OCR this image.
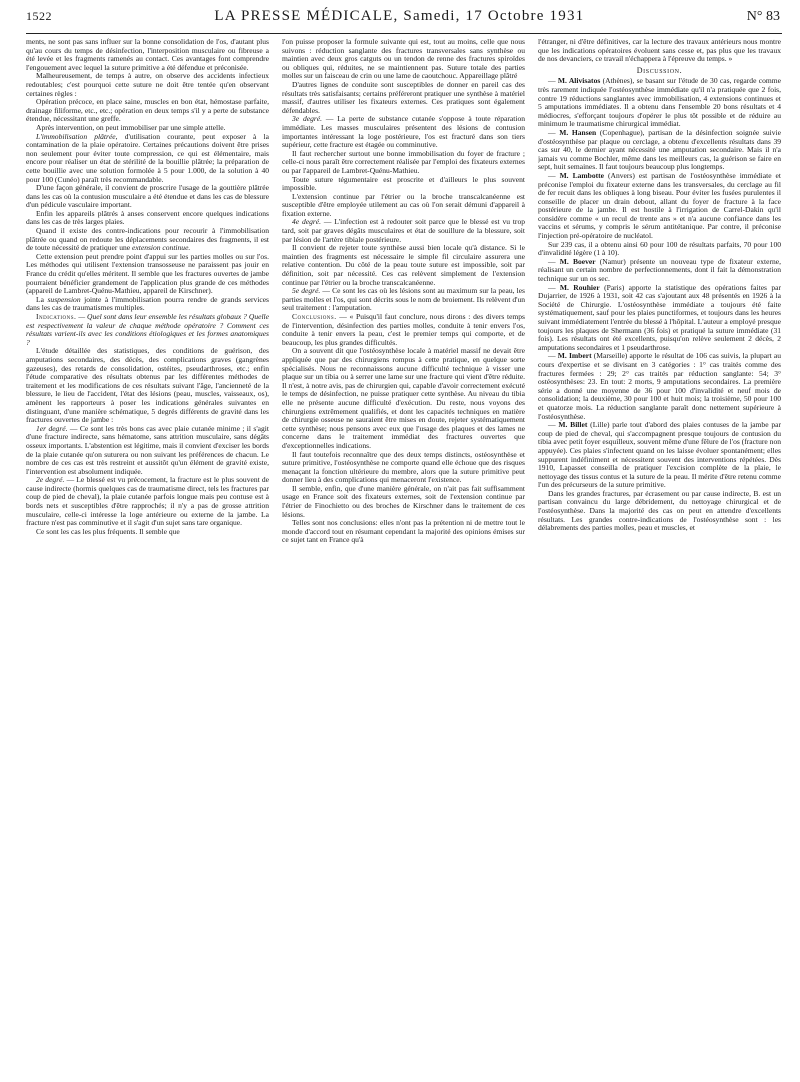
1522	LA PRESSE MÉDICALE, Samedi, 17 Octobre 1931	N° 83

ments, ne sont pas sans influer sur la bonne consolidation de l'os, d'autant plus qu'au cours du temps de désinfection, l'interposition musculaire ou fibreuse a été levée et les fragments ramenés au contact. Ces avantages font comprendre l'engouement avec lequel la suture primitive a été défendue et préconisée.

Malheureusement, de temps à autre, on observe des accidents infectieux redoutables; c'est pourquoi cette suture ne doit être tentée qu'en observant certaines règles :

Opération précoce, en place saine, muscles en bon état, hémostase parfaite, drainage filiforme, etc., etc.; opération en deux temps s'il y a perte de substance étendue, nécessitant une greffe.

Après intervention, on peut immobiliser par une simple attelle.

L'immobilisation plâtrée, d'utilisation courante, peut exposer à la contamination de la plaie opératoire. Certaines précautions doivent être prises non seulement pour éviter toute compression, ce qui est élémentaire, mais encore pour réaliser un état de stérilité de la bouillie plâtrée; la préparation de cette bouillie avec une solution formolée à 5 pour 1.000, de la solution à 40 pour 100 (Cunéo) paraît très recommandable.

D'une façon générale, il convient de proscrire l'usage de la gouttière plâtrée dans les cas où la contusion musculaire a été étendue et dans les cas de blessure d'un pédicule vasculaire important.

Enfin les appareils plâtrés à anses conservent encore quelques indications dans les cas de très larges plaies.

Quand il existe des contre-indications pour recourir à l'immobilisation plâtrée ou quand on redoute les déplacements secondaires des fragments, il est de toute nécessité de pratiquer une extension continue.

Cette extension peut prendre point d'appui sur les parties molles ou sur l'os. Les méthodes qui utilisent l'extension transosseuse ne paraissent pas jouir en France du crédit qu'elles méritent. Il semble que les fractures ouvertes de jambe pourraient bénéficier grandement de l'application plus grande de ces méthodes (appareil de Lambret-Quénu-Mathieu, appareil de Kirschner).

La suspension jointe à l'immobilisation pourra rendre de grands services dans les cas de traumatismes multiples.

Indications. — Quel sont dans leur ensemble les résultats globaux ? Quelle est respectivement la valeur de chaque méthode opératoire ? Comment ces résultats varient-ils avec les conditions étiologiques et les formes anatomiques ?

L'étude détaillée des statistiques, des conditions de guérison, des amputations secondaires, des décès, des complications graves (gangrènes gazeuses), des retards de consolidation, ostéites, pseudarthroses, etc.; enfin l'étude comparative des résultats obtenus par les différentes méthodes de traitement et les modifications de ces résultats suivant l'âge, l'ancienneté de la blessure, le lieu de l'accident, l'état des lésions (peau, muscles, vaisseaux, os), amènent les rapporteurs à poser les indications générales suivantes en distinguant, d'une manière schématique, 5 degrés différents de gravité dans les fractures ouvertes de jambe :

1er degré. — Ce sont les très bons cas avec plaie cutanée minime ; il s'agit d'une fracture indirecte, sans hématome, sans attrition musculaire, sans dégâts osseux importants. L'abstention est légitime, mais il convient d'exciser les bords de la plaie cutanée qu'on suturera ou non suivant les préférences de chacun. Le nombre de ces cas est très restreint et aussitôt qu'un élément de gravité existe, l'intervention est absolument indiquée.

2e degré. — Le blessé est vu précocement, la fracture est le plus souvent de cause indirecte (hormis quelques cas de traumatisme direct, tels les fractures par coup de pied de cheval), la plaie cutanée parfois longue mais peu contuse est à bords nets et susceptibles d'être rapprochés; il n'y a pas de grosse attrition musculaire, celle-ci intéresse la loge antérieure ou externe de la jambe. La fracture n'est pas comminutive et il s'agit d'un sujet sans tare organique.

Ce sont les cas les plus fréquents. Il semble que

l'on puisse proposer la formule suivante qui est, tout au moins, celle que nous suivons : réduction sanglante des fractures transversales sans synthèse ou maintien avec deux gros catguts ou un tendon de renne des fractures spiroïdes ou obliques qui, réduites, ne se maintiennent pas. Suture totale des parties molles sur un faisceau de crin ou une lame de caoutchouc. Appareillage plâtré

D'autres lignes de conduite sont susceptibles de donner en pareil cas des résultats très satisfaisants; certains préféreront pratiquer une synthèse à matériel massif, d'autres utiliser les fixateurs externes. Ces pratiques sont également défendables.

3e degré. — La perte de substance cutanée s'oppose à toute réparation immédiate. Les masses musculaires présentent des lésions de contusion importantes intéressant la loge postérieure, l'os est fracturé dans son tiers supérieur, cette fracture est étagée ou comminutive.

Il faut rechercher surtout une bonne immobilisation du foyer de fracture ; celle-ci nous paraît être correctement réalisée par l'emploi des fixateurs externes ou par l'appareil de Lambret-Quénu-Mathieu.

Toute suture tégumentaire est proscrite et d'ailleurs le plus souvent impossible.

L'extension continue par l'étrier ou la broche transcalcanéenne est susceptible d'être employée utilement au cas où l'on serait démuni d'appareil à fixation externe.

4e degré. — L'infection est à redouter soit parce que le blessé est vu trop tard, soit par graves dégâts musculaires et état de souillure de la blessure, soit par lésion de l'artère tibiale postérieure.

Il convient de rejeter toute synthèse aussi bien locale qu'à distance. Si le maintien des fragments est nécessaire le simple fil circulaire assurera une relative contention. Du côté de la peau toute suture est impossible, soit par définition, soit par nécessité. Ces cas relèvent simplement de l'extension continue par l'étrier ou la broche transcalcanéenne.

5e degré. — Ce sont les cas où les lésions sont au maximum sur la peau, les parties molles et l'os, qui sont décrits sous le nom de broiement. Ils relèvent d'un seul traitement : l'amputation.

Conclusions. — « Puisqu'il faut conclure, nous dirons : des divers temps de l'intervention, désinfection des parties molles, conduite à tenir envers l'os, conduite à tenir envers la peau, c'est le premier temps qui comporte, et de beaucoup, les plus grandes difficultés.

On a souvent dit que l'ostéosynthèse locale à matériel massif ne devait être appliquée que par des chirurgiens rompus à cette pratique, en quelque sorte spécialisés. Nous ne reconnaissons aucune difficulté technique à visser une plaque sur un tibia ou à serrer une lame sur une fracture qui vient d'être réduite. Il n'est, à notre avis, pas de chirurgien qui, capable d'avoir correctement exécuté le temps de désinfection, ne puisse pratiquer cette synthèse. Au niveau du tibia elle ne présente aucune difficulté d'exécution. Du reste, nous voyons des chirurgiens extrêmement qualifiés, et dont les capacités techniques en matière de chirurgie osseuse ne sauraient être mises en doute, rejeter systématiquement cette synthèse; nous pensons avec eux que l'usage des plaques et des lames ne concerne dans le traitement immédiat des fractures ouvertes que d'exceptionnelles indications.

Il faut toutefois reconnaître que des deux temps distincts, ostéosynthèse et suture primitive, l'ostéosynthèse ne comporte quand elle échoue que des risques menaçant la fonction ultérieure du membre, alors que la suture primitive peut donner lieu à des complications qui menaceront l'existence.

Il semble, enfin, que d'une manière générale, on n'ait pas fait suffisamment usage en France soit des fixateurs externes, soit de l'extension continue par l'étrier de Finochietto ou des broches de Kirschner dans le traitement de ces lésions.

Telles sont nos conclusions: elles n'ont pas la prétention ni de mettre tout le monde d'accord tout en résumant cependant la majorité des opinions émises sur ce sujet tant en France qu'à

l'étranger, ni d'être définitives, car la lecture des travaux antérieurs nous montre que les indications opératoires évoluent sans cesse et, pas plus que les travaux de nos devanciers, ce travail n'échappera à l'épreuve du temps. »

Discussion.

— M. Alivisatos (Athènes), se basant sur l'étude de 30 cas, regarde comme très rarement indiquée l'ostéosynthèse immédiate qu'il n'a pratiquée que 2 fois, contre 19 réductions sanglantes avec immobilisation, 4 extensions continues et 5 amputations immédiates. Il a obtenu dans l'ensemble 20 bons résultats et 4 médiocres, s'efforçant toujours d'opérer le plus tôt possible et de réduire au minimum le traumatisme chirurgical immédiat.

— M. Hansen (Copenhague), partisan de la désinfection soignée suivie d'ostéosynthèse par plaque ou cerclage, a obtenu d'excellents résultats dans 39 cas sur 40, le dernier ayant nécessité une amputation secondaire. Mais il n'a jamais vu comme Bochler, même dans les meilleurs cas, la guérison se faire en sept, huit semaines. Il faut toujours beaucoup plus longtemps.

— M. Lambotte (Anvers) est partisan de l'ostéosynthèse immédiate et préconise l'emploi du fixateur externe dans les transversales, du cerclage au fil de fer recuit dans les obliques à long biseau. Pour éviter les fusées purulentes il conseille de placer un drain debout, allant du foyer de fracture à la face postérieure de la jambe. Il est hostile à l'irrigation de Carrel-Dakin qu'il considère comme « un recul de trente ans » et n'a aucune confiance dans les vaccins et sérums, y compris le sérum antitétanique. Par contre, il préconise l'injection pré-opératoire de nucléatol.

Sur 239 cas, il a obtenu ainsi 60 pour 100 de résultats parfaits, 70 pour 100 d'invalidité légère (1 à 10).

— M. Boever (Namur) présente un nouveau type de fixateur externe, réalisant un certain nombre de perfectionnements, dont il fait la démonstration technique sur un os sec.

— M. Rouhier (Paris) apporte la statistique des opérations faites par Dujarrier, de 1926 à 1931, soit 42 cas s'ajoutant aux 48 présentés en 1926 à la Société de Chirurgie. L'ostéosynthèse immédiate a toujours été faite systématiquement, sauf pour les plaies punctiformes, et toujours dans les heures suivant immédiatement l'entrée du blessé à l'hôpital. L'auteur a employé presque toujours les plaques de Shermann (36 fois) et pratiqué la suture immédiate (31 fois). Les résultats ont été excellents, puisqu'on relève seulement 2 décès, 2 amputations secondaires et 1 pseudarthrose.

— M. Imbert (Marseille) apporte le résultat de 106 cas suivis, la plupart au cours d'expertise et se divisant en 3 catégories : 1° cas traités comme des fractures fermées : 29; 2° cas traités par réduction sanglante: 54; 3° ostéosynthèses: 23. En tout: 2 morts, 9 amputations secondaires. La première série a donné une moyenne de 36 pour 100 d'invalidité et neuf mois de consolidation; la deuxième, 30 pour 100 et huit mois; la troisième, 50 pour 100 et quatorze mois. La réduction sanglante paraît donc nettement supérieure à l'ostéosynthèse.

— M. Billet (Lille) parle tout d'abord des plaies contuses de la jambe par coup de pied de cheval, qui s'accompagnent presque toujours de contusion du tibia avec petit foyer esquilleux, souvent même d'une fêlure de l'os (fracture non appuyée). Ces plaies s'infectent quand on les laisse évoluer spontanément; elles suppurent indéfiniment et nécessitent souvent des interventions répétées. Dès 1910, Lapasset conseilla de pratiquer l'excision complète de la plaie, le nettoyage des tissus contus et la suture de la peau. Il mérite d'être retenu comme l'un des précurseurs de la suture primitive.

Dans les grandes fractures, par écrasement ou par cause indirecte, B. est un partisan convaincu du large débridement, du nettoyage chirurgical et de l'ostéosynthèse. Dans la majorité des cas on peut en attendre d'excellents résultats. Les grandes contre-indications de l'ostéosynthèse sont : les délabrements des parties molles, peau et muscles, et
